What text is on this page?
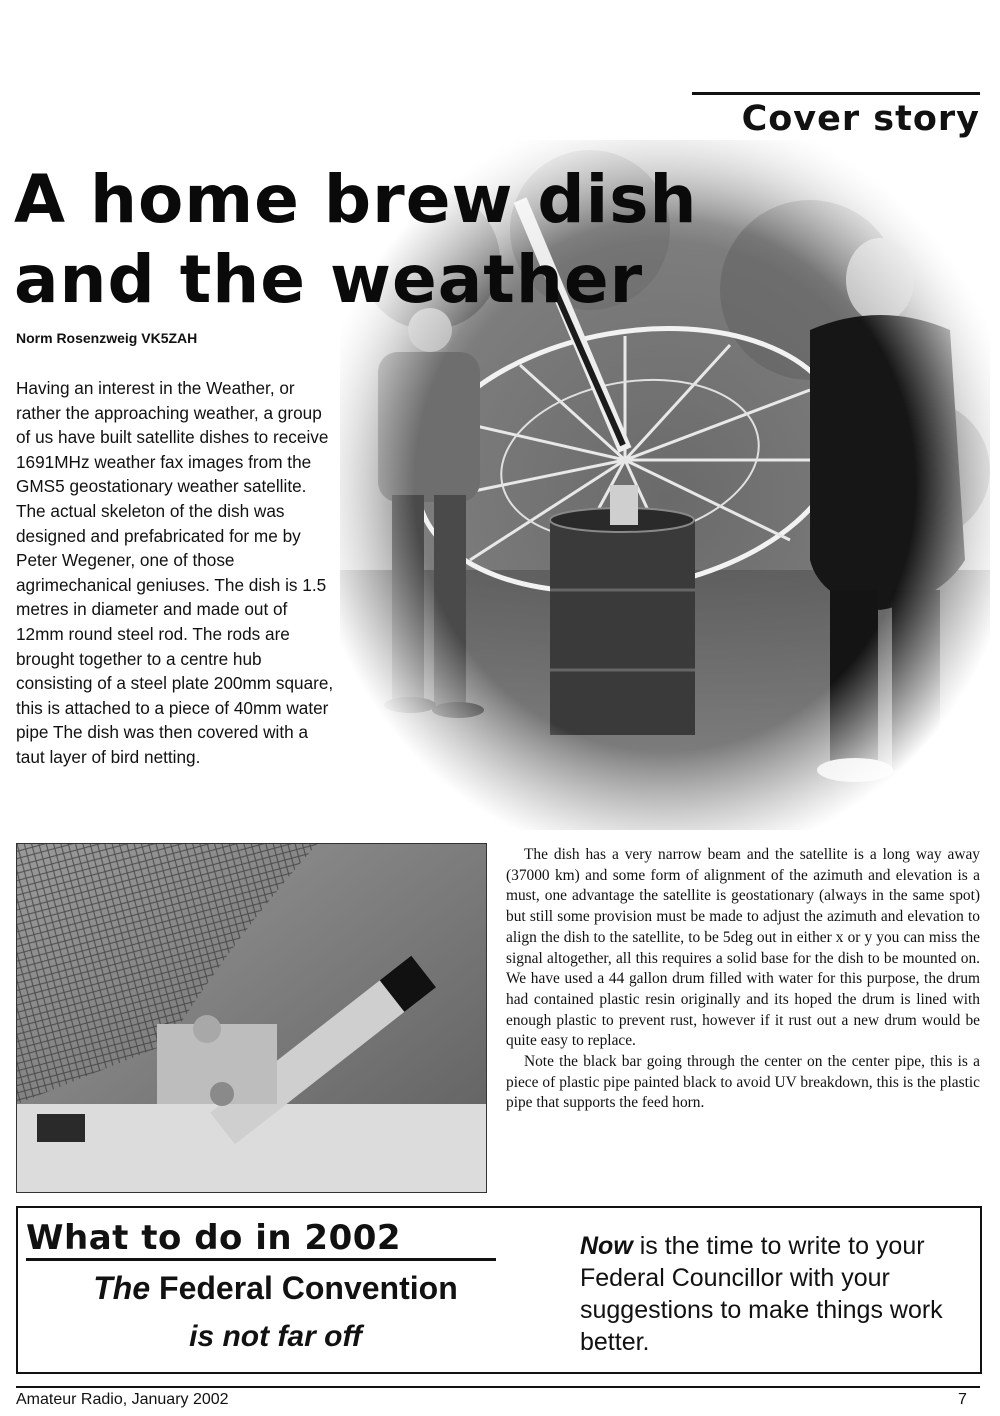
Cover story
A home brew dish
and the weather
Norm Rosenzweig VK5ZAH
Having an interest in the Weather, or rather the approaching weather, a group of us have built satellite dishes to receive 1691MHz weather fax images from the GMS5 geostationary weather satellite. The actual skeleton of the dish was designed and prefabricated for me by Peter Wegener, one of those agrimechanical geniuses. The dish is 1.5 metres in diameter and made out of 12mm round steel rod. The rods are brought together to a centre hub consisting of a steel plate 200mm square, this is attached to a piece of 40mm water pipe The dish was then covered with a taut layer of bird netting.

The dish has a very narrow beam and the satellite is a long way away (37000 km) and some form of alignment of the azimuth and elevation is a must, one advantage the satellite is geostationary (always in the same spot) but still some provision must be made to adjust the azimuth and elevation to align the dish to the satellite, to be 5deg out in either x or y you can miss the signal altogether, all this requires a solid base for the dish to be mounted on. We have used a 44 gallon drum filled with water for this purpose, the drum had contained plastic resin originally and its hoped the drum is lined with enough plastic to prevent rust, however if it rust out a new drum would be quite easy to replace.

Note the black bar going through the center on the center pipe, this is a piece of plastic pipe painted black to avoid UV breakdown, this is the plastic pipe that supports the feed horn.

What to do in 2002
The Federal Convention
is not far off
Now is the time to write to your Federal Councillor with your suggestions to make things work better.
Amateur Radio, January 2002	7
